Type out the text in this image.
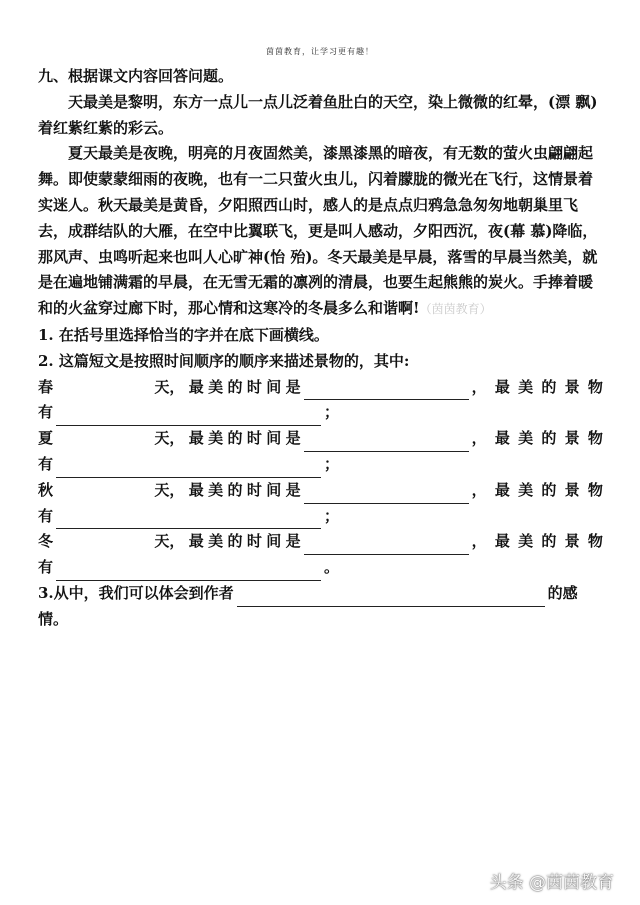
茵茵教育，让学习更有趣！

九、根据课文内容回答问题。

天最美是黎明，东方一点儿一点儿泛着鱼肚白的天空，染上微微的红晕，(漂 飘)着红紫红紫的彩云。

夏天最美是夜晚，明亮的月夜固然美，漆黑漆黑的暗夜，有无数的萤火虫翩翩起舞。即使蒙蒙细雨的夜晚，也有一二只萤火虫儿，闪着朦胧的微光在飞行，这情景着实迷人。秋天最美是黄昏，夕阳照西山时，感人的是点点归鸦急急匆匆地朝巢里飞去，成群结队的大雁，在空中比翼联飞，更是叫人感动，夕阳西沉，夜(幕 慕)降临，那风声、虫鸣听起来也叫人心旷神(怡 殆)。冬天最美是早晨，落雪的早晨当然美，就是在遍地铺满霜的早晨，在无雪无霜的凛冽的清晨，也要生起熊熊的炭火。手捧着暖和的火盆穿过廊下时，那心情和这寒冷的冬晨多么和谐啊!（茵茵教育）

1. 在括号里选择恰当的字并在底下画横线。

2. 这篇短文是按照时间顺序的顺序来描述景物的，其中:

春	天 ， 最 美 的 时 间 是	， 最 美 的 景 物
有	；
夏	天 ， 最 美 的 时 间 是	， 最 美 的 景 物
有	；
秋	天 ， 最 美 的 时 间 是	， 最 美 的 景 物
有	；
冬	天 ， 最 美 的 时 间 是	， 最 美 的 景 物
有	。
3.从中，我们可以体会到作者	的感

情。

头条 @茵茵教育
